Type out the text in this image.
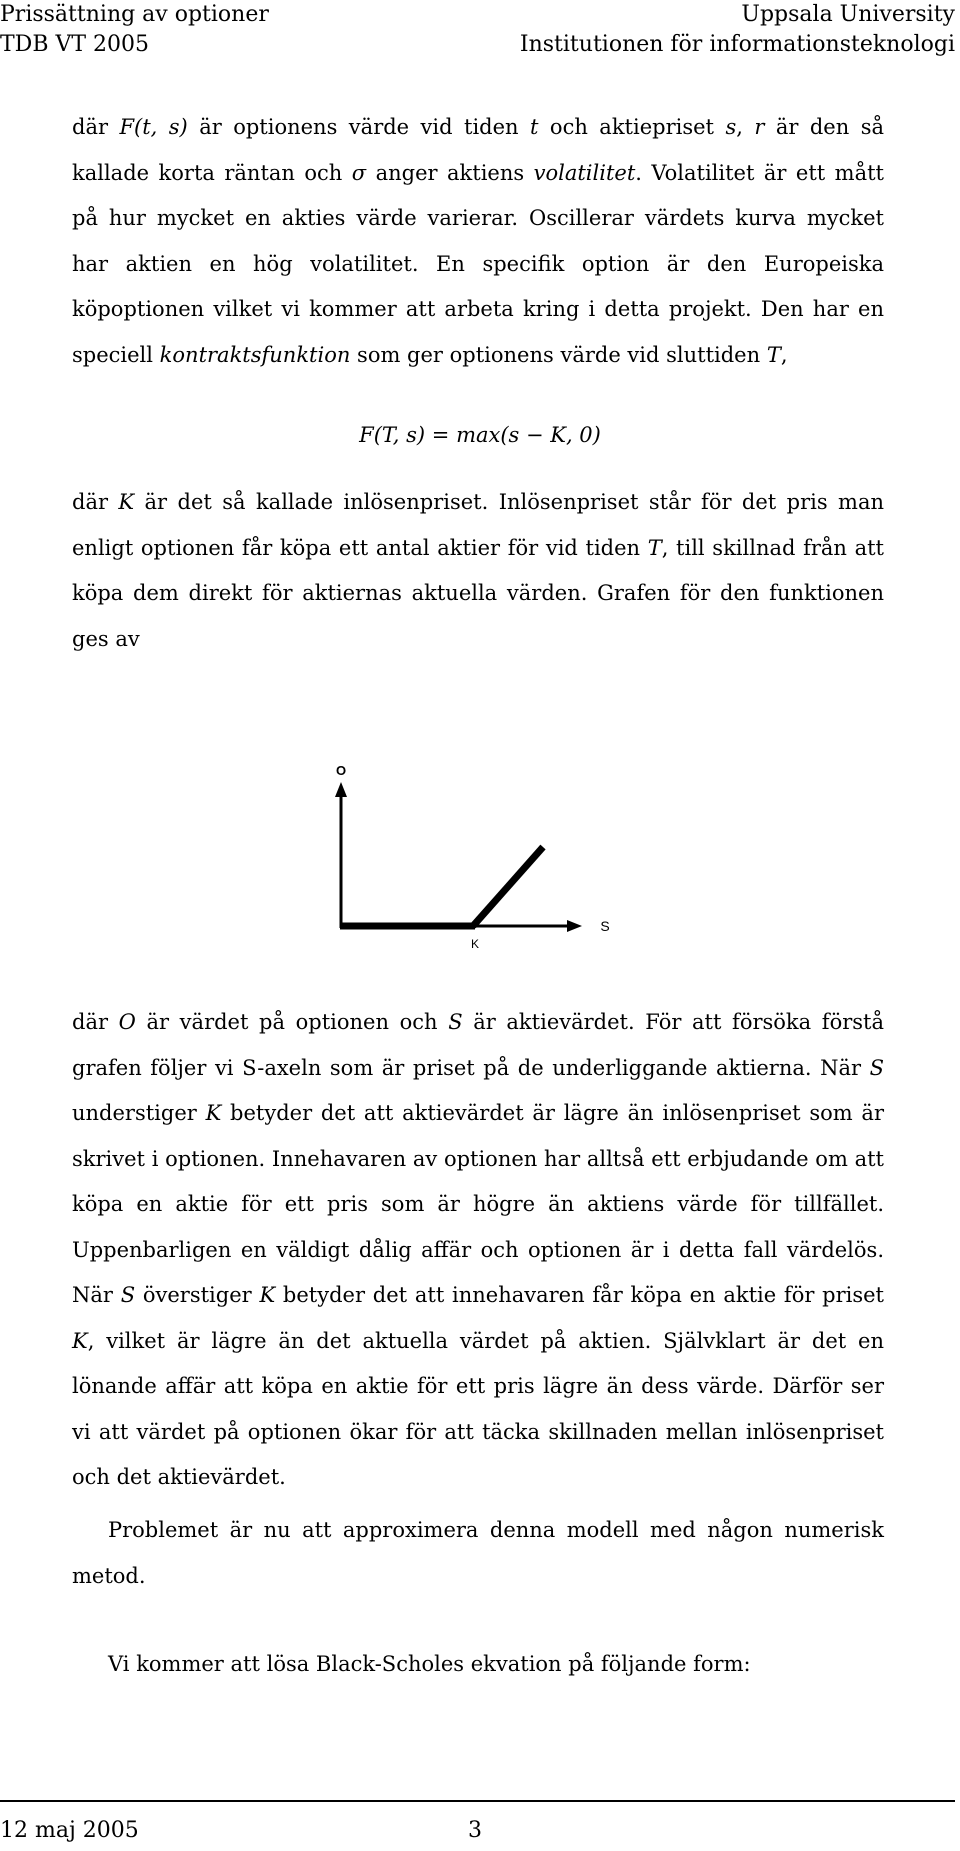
Prissättning av optioner	Uppsala University
TDB VT 2005	Institutionen för informationsteknologi
där F(t, s) är optionens värde vid tiden t och aktiepriset s, r är den så kallade korta räntan och σ anger aktiens volatilitet. Volatilitet är ett mått på hur mycket en akties värde varierar. Oscillerar värdets kurva mycket har aktien en hög volatilitet. En specifik option är den Europeiska köpoptionen vilket vi kommer att arbeta kring i detta projekt. Den har en speciell kontraktsfunktion som ger optionens värde vid sluttiden T,
F(T, s) = max(s − K, 0)
där K är det så kallade inlösenpriset. Inlösenpriset står för det pris man enligt optionen får köpa ett antal aktier för vid tiden T, till skillnad från att köpa dem direkt för aktiernas aktuella värden. Grafen för den funktionen ges av
O
S
K
där O är värdet på optionen och S är aktievärdet. För att försöka förstå grafen följer vi S-axeln som är priset på de underliggande aktierna. När S understiger K betyder det att aktievärdet är lägre än inlösenpriset som är skrivet i optionen. Innehavaren av optionen har alltså ett erbjudande om att köpa en aktie för ett pris som är högre än aktiens värde för tillfället. Uppenbarligen en väldigt dålig affär och optionen är i detta fall värdelös. När S överstiger K betyder det att innehavaren får köpa en aktie för priset K, vilket är lägre än det aktuella värdet på aktien. Självklart är det en lönande affär att köpa en aktie för ett pris lägre än dess värde. Därför ser vi att värdet på optionen ökar för att täcka skillnaden mellan inlösenpriset och det aktievärdet.
Problemet är nu att approximera denna modell med någon numerisk metod.
Vi kommer att lösa Black-Scholes ekvation på följande form:
12 maj 2005	3
